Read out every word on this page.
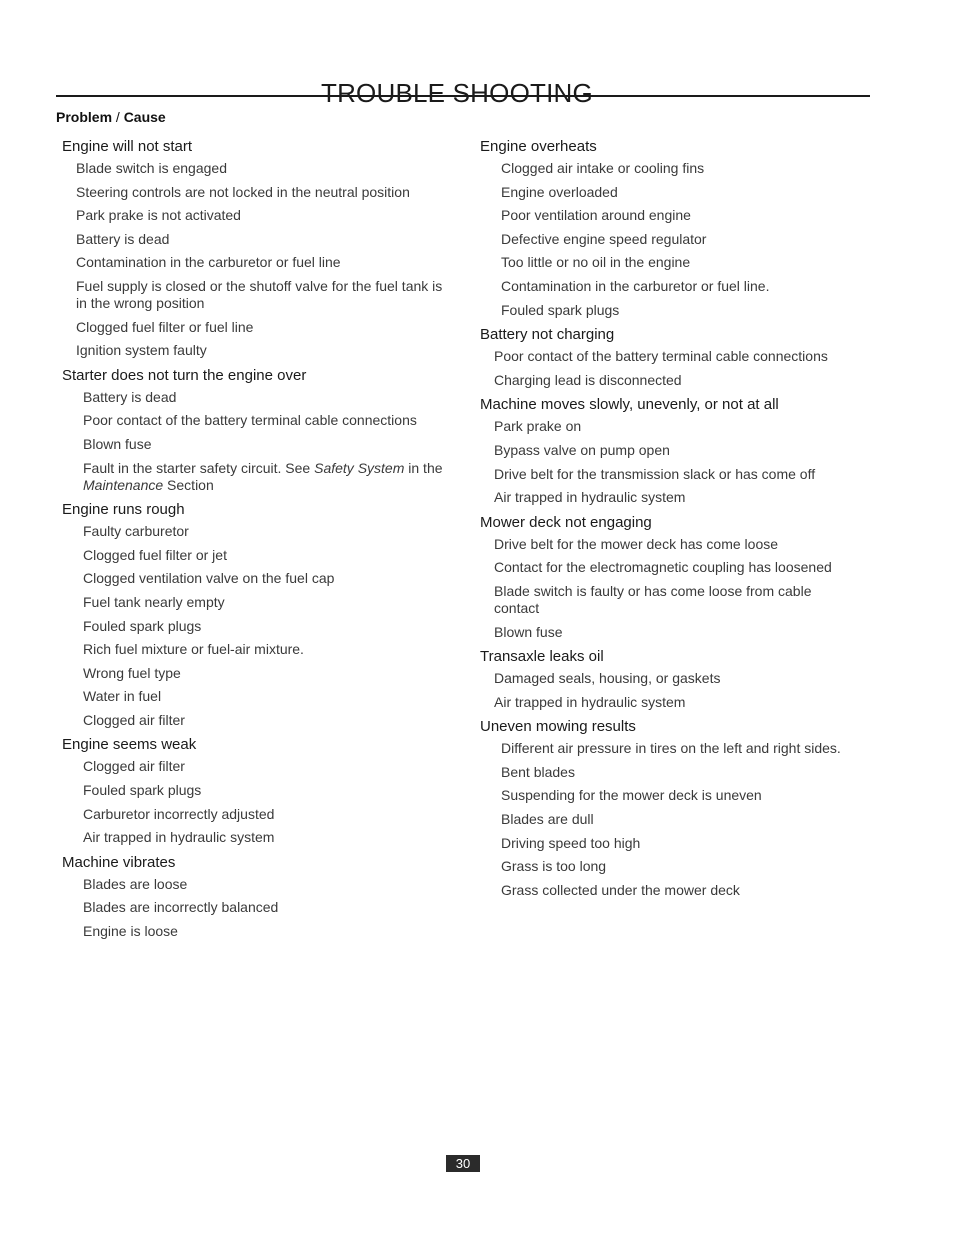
TROUBLE SHOOTING
Problem / Cause
Engine will not start
Blade switch is engaged
Steering controls are not locked in the neutral position
Park prake is not activated
Battery is dead
Contamination in the carburetor or fuel line
Fuel supply is closed or the shutoff valve for the fuel tank is in the wrong position
Clogged fuel filter or fuel line
Ignition system faulty
Starter does not turn the engine over
Battery is dead
Poor contact of the battery terminal cable connections
Blown fuse
Fault in the starter safety circuit. See Safety System in the
Maintenance Section
Engine runs rough
Faulty carburetor
Clogged fuel filter or jet
Clogged ventilation valve on the fuel cap
Fuel tank nearly empty
Fouled spark plugs
Rich fuel mixture or fuel-air mixture.
Wrong fuel type
Water in fuel
Clogged air filter
Engine seems weak
Clogged air filter
Fouled spark plugs
Carburetor incorrectly adjusted
Air trapped in hydraulic system
Machine vibrates
Blades are loose
Blades are incorrectly balanced
Engine is loose
Engine overheats
Clogged air intake or cooling fins
Engine overloaded
Poor ventilation around engine
Defective engine speed regulator
Too little or no oil in the engine
Contamination in the carburetor or fuel line.
Fouled spark plugs
Battery not charging
Poor contact of the battery terminal cable connections
Charging lead is disconnected
Machine moves slowly, unevenly, or not at all
Park prake on
Bypass valve on pump open
Drive belt for the transmission slack or has come off
Air trapped in hydraulic system
Mower deck not engaging
Drive belt for the mower deck has come loose
Contact for the electromagnetic coupling has loosened
Blade switch is faulty or has come loose from cable contact
Blown fuse
Transaxle leaks oil
Damaged seals, housing, or gaskets
Air trapped in hydraulic system
Uneven mowing results
Different air pressure in tires on the left and right sides.
Bent blades
Suspending for the mower deck is uneven
Blades are dull
Driving speed too high
Grass is too long
Grass collected under the mower deck
30
